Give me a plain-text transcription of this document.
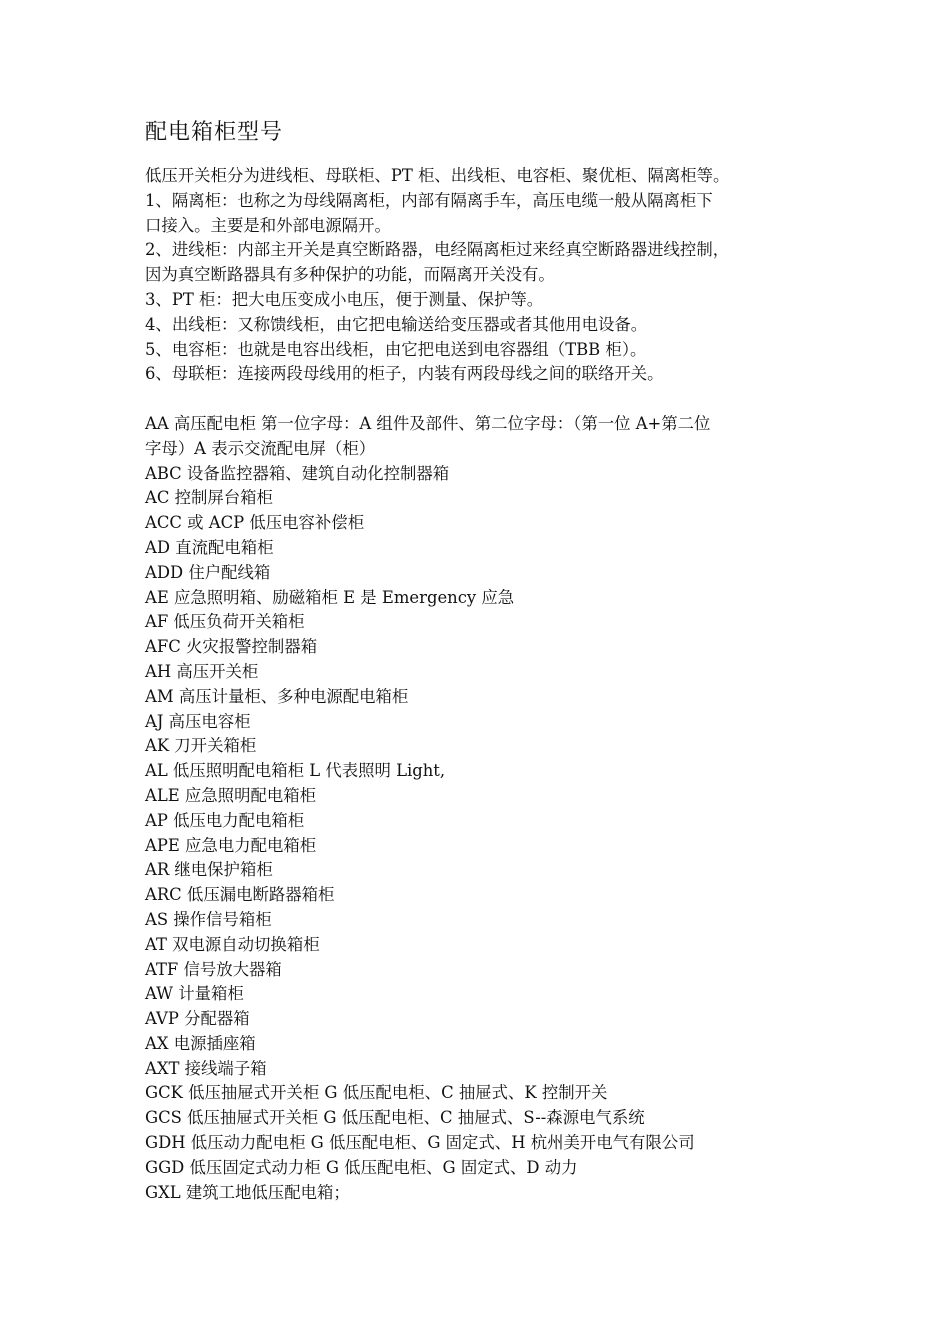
配电箱柜型号

低压开关柜分为进线柜、母联柜、PT 柜、出线柜、电容柜、聚优柜、隔离柜等。

1、隔离柜：也称之为母线隔离柜，内部有隔离手车，高压电缆一般从隔离柜下

口接入。主要是和外部电源隔开。

2、进线柜：内部主开关是真空断路器，电经隔离柜过来经真空断路器进线控制，

因为真空断路器具有多种保护的功能，而隔离开关没有。

3、PT 柜：把大电压变成小电压，便于测量、保护等。

4、出线柜：又称馈线柜，由它把电输送给变压器或者其他用电设备。

5、电容柜：也就是电容出线柜，由它把电送到电容器组（TBB 柜）。

6、母联柜：连接两段母线用的柜子，内装有两段母线之间的联络开关。

AA 高压配电柜 第一位字母：A 组件及部件、第二位字母：（第一位 A+第二位

字母）A 表示交流配电屏（柜）

ABC 设备监控器箱、建筑自动化控制器箱

AC 控制屏台箱柜

ACC 或 ACP 低压电容补偿柜

AD 直流配电箱柜

ADD 住户配线箱

AE 应急照明箱、励磁箱柜 E 是 Emergency 应急

AF 低压负荷开关箱柜

AFC 火灾报警控制器箱

AH 高压开关柜

AM 高压计量柜、多种电源配电箱柜

AJ 高压电容柜

AK 刀开关箱柜

AL 低压照明配电箱柜 L 代表照明 Light,

ALE 应急照明配电箱柜

AP 低压电力配电箱柜

APE 应急电力配电箱柜

AR 继电保护箱柜

ARC 低压漏电断路器箱柜

AS 操作信号箱柜

AT 双电源自动切换箱柜

ATF 信号放大器箱

AW 计量箱柜

AVP 分配器箱

AX 电源插座箱

AXT 接线端子箱

GCK 低压抽屉式开关柜 G 低压配电柜、C 抽屉式、K 控制开关

GCS 低压抽屉式开关柜 G 低压配电柜、C 抽屉式、S--森源电气系统

GDH 低压动力配电柜 G 低压配电柜、G 固定式、H 杭州美开电气有限公司

GGD 低压固定式动力柜 G 低压配电柜、G 固定式、D 动力

GXL 建筑工地低压配电箱；
